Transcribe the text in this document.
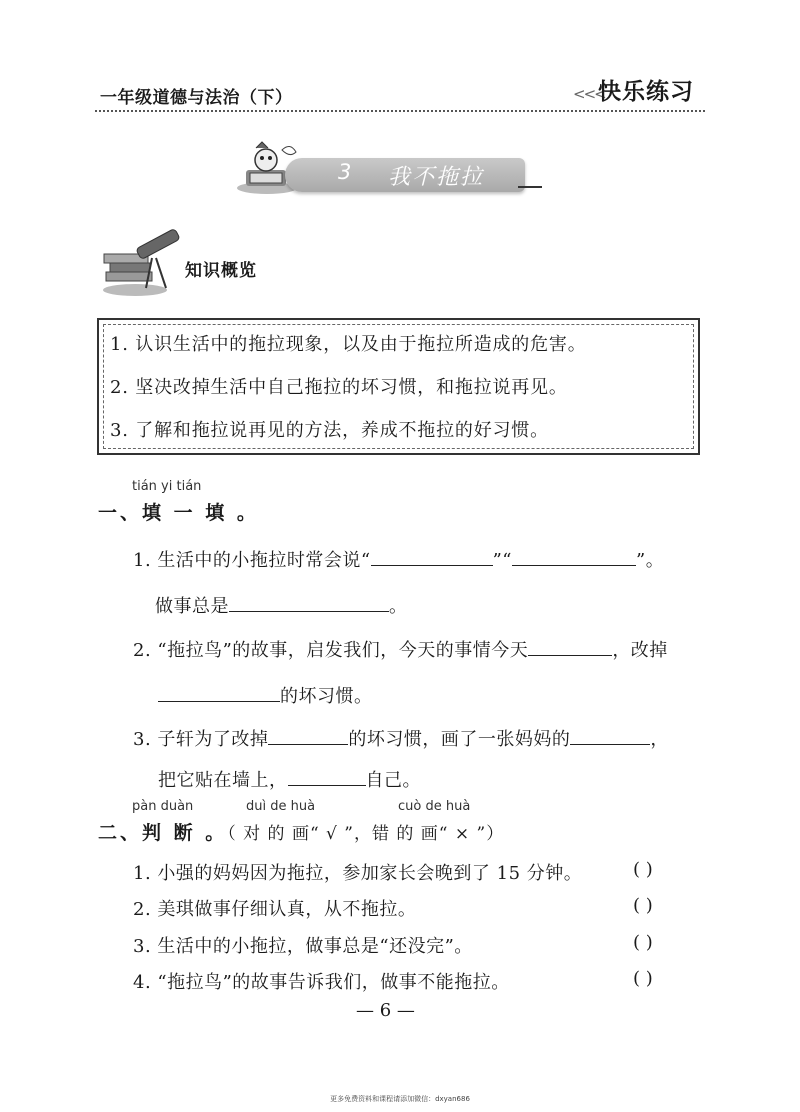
一年级道德与法治（下）	<<<
快乐练习
3 我不拖拉
知识概览
1. 认识生活中的拖拉现象，以及由于拖拉所造成的危害。
2. 坚决改掉生活中自己拖拉的坏习惯，和拖拉说再见。
3. 了解和拖拉说再见的方法，养成不拖拉的好习惯。
tián yi tián
一、填 一 填 。
1. 生活中的小拖拉时常会说“	”“	”。
做事总是	。
2. “拖拉鸟”的故事，启发我们，今天的事情今天	，改掉
的坏习惯。
3. 子轩为了改掉	的坏习惯，画了一张妈妈的	，
把它贴在墙上，	自己。
pàn duàn	duì de huà	cuò de huà
二、判 断 。（ 对 的 画“ √ ”，错 的 画“ × ”）
1. 小强的妈妈因为拖拉，参加家长会晚到了 15 分钟。	( )
2. 美琪做事仔细认真，从不拖拉。	( )
3. 生活中的小拖拉，做事总是“还没完”。	( )
4. “拖拉鸟”的故事告诉我们，做事不能拖拉。	( )
— 6 —
更多免费资料和课程请添加微信：dxyan686
